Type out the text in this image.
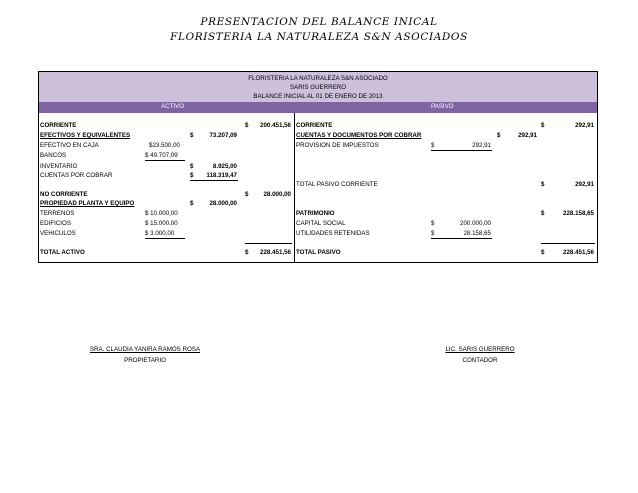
PRESENTACION DEL BALANCE INICAL
FLORISTERIA LA NATURALEZA S&N ASOCIADOS
FLORISTERIA LA NATURALEZA S&N ASOCIADO
SARIS GUERRERO
BALANCE INICIAL AL 01 DE ENERO DE 2013
ACTIVO	PASIVO
CORRIENTE	$	200.451,56
EFECTIVOS Y EQUIVALENTES	$	73.207,09
EFECTIVO EN CAJA	$23.500,00
BANCOS	$ 49.707,09
INVENTARIO	$	8.925,00
CUENTAS POR COBRAR	$	118.319,47
NO CORRIENTE	$	28.000,00
PROPIEDAD PLANTA Y EQUIPO	$	28.000,00
TERRENOS	$ 10.000,00
EDIFICIOS	$ 15.000,00
VEHICULOS	$ 3.000,00
TOTAL ACTIVO	$	228.451,56
CORRIENTE	$	292,91
CUENTAS Y DOCUMENTOS POR COBRAR	$	292,91
PROVISION DE IMPUESTOS	$	292,91
TOTAL PASIVO CORRIENTE	$	292,91
PATRIMONIO	$	228.158,65
CAPITAL SOCIAL	$	200.000,00
UTILIDADES RETENIDAS	$	28.158,65
TOTAL PASIVO	$	228.451,56
SRA. CLAUDIA YANIRA RAMOS ROSA
PROPIETARIO
LIC. SARIS GUERRERO
CONTADOR
